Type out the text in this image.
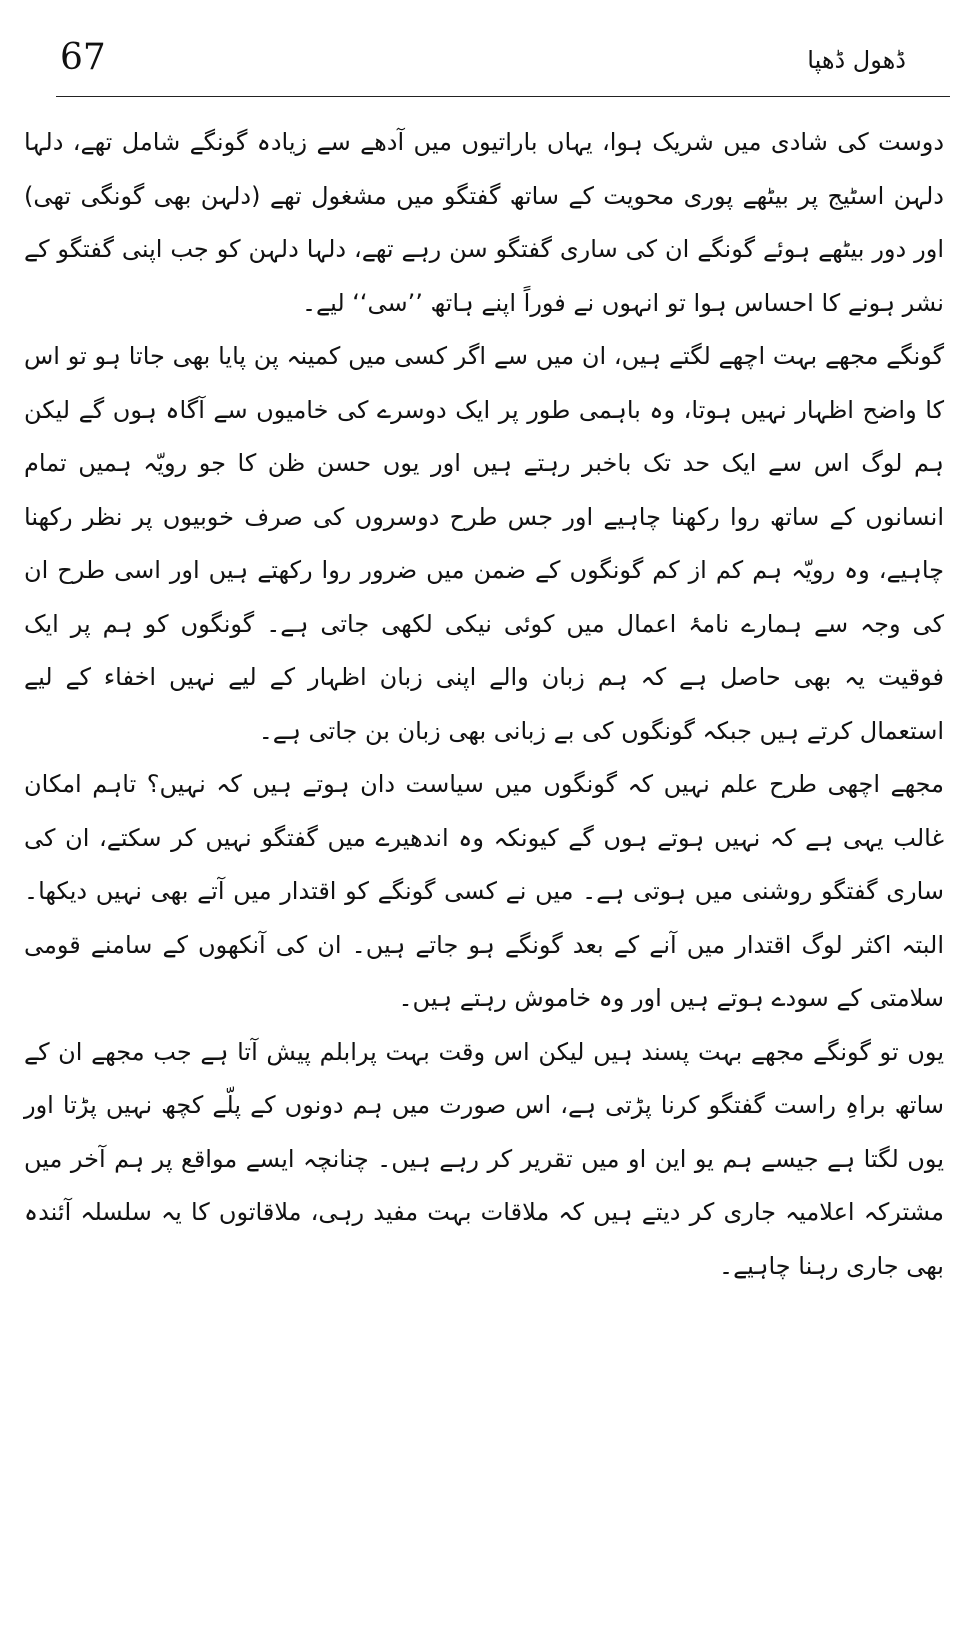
67	ڈھول ڈھپا

دوست کی شادی میں شریک ہوا، یہاں باراتیوں میں آدھے سے زیادہ گونگے شامل تھے، دلہا دلہن اسٹیج پر بیٹھے پوری محویت کے ساتھ گفتگو میں مشغول تھے (دلہن بھی گونگی تھی) اور دور بیٹھے ہوئے گونگے ان کی ساری گفتگو سن رہے تھے، دلہا دلہن کو جب اپنی گفتگو کے نشر ہونے کا احساس ہوا تو انہوں نے فوراً اپنے ہاتھ ’’سی‘‘ لیے۔

گونگے مجھے بہت اچھے لگتے ہیں، ان میں سے اگر کسی میں کمینہ پن پایا بھی جاتا ہو تو اس کا واضح اظہار نہیں ہوتا، وہ باہمی طور پر ایک دوسرے کی خامیوں سے آگاہ ہوں گے لیکن ہم لوگ اس سے ایک حد تک باخبر رہتے ہیں اور یوں حسن ظن کا جو رویّہ ہمیں تمام انسانوں کے ساتھ روا رکھنا چاہیے اور جس طرح دوسروں کی صرف خوبیوں پر نظر رکھنا چاہیے، وہ رویّہ ہم کم از کم گونگوں کے ضمن میں ضرور روا رکھتے ہیں اور اسی طرح ان کی وجہ سے ہمارے نامۂ اعمال میں کوئی نیکی لکھی جاتی ہے۔ گونگوں کو ہم پر ایک فوقیت یہ بھی حاصل ہے کہ ہم زبان والے اپنی زبان اظہار کے لیے نہیں اخفاء کے لیے استعمال کرتے ہیں جبکہ گونگوں کی بے زبانی بھی زبان بن جاتی ہے۔

مجھے اچھی طرح علم نہیں کہ گونگوں میں سیاست دان ہوتے ہیں کہ نہیں؟ تاہم امکان غالب یہی ہے کہ نہیں ہوتے ہوں گے کیونکہ وہ اندھیرے میں گفتگو نہیں کر سکتے، ان کی ساری گفتگو روشنی میں ہوتی ہے۔ میں نے کسی گونگے کو اقتدار میں آتے بھی نہیں دیکھا۔ البتہ اکثر لوگ اقتدار میں آنے کے بعد گونگے ہو جاتے ہیں۔ ان کی آنکھوں کے سامنے قومی سلامتی کے سودے ہوتے ہیں اور وہ خاموش رہتے ہیں۔

یوں تو گونگے مجھے بہت پسند ہیں لیکن اس وقت بہت پرابلم پیش آتا ہے جب مجھے ان کے ساتھ براہِ راست گفتگو کرنا پڑتی ہے، اس صورت میں ہم دونوں کے پلّے کچھ نہیں پڑتا اور یوں لگتا ہے جیسے ہم یو این او میں تقریر کر رہے ہیں۔ چنانچہ ایسے مواقع پر ہم آخر میں مشترکہ اعلامیہ جاری کر دیتے ہیں کہ ملاقات بہت مفید رہی، ملاقاتوں کا یہ سلسلہ آئندہ بھی جاری رہنا چاہیے۔
